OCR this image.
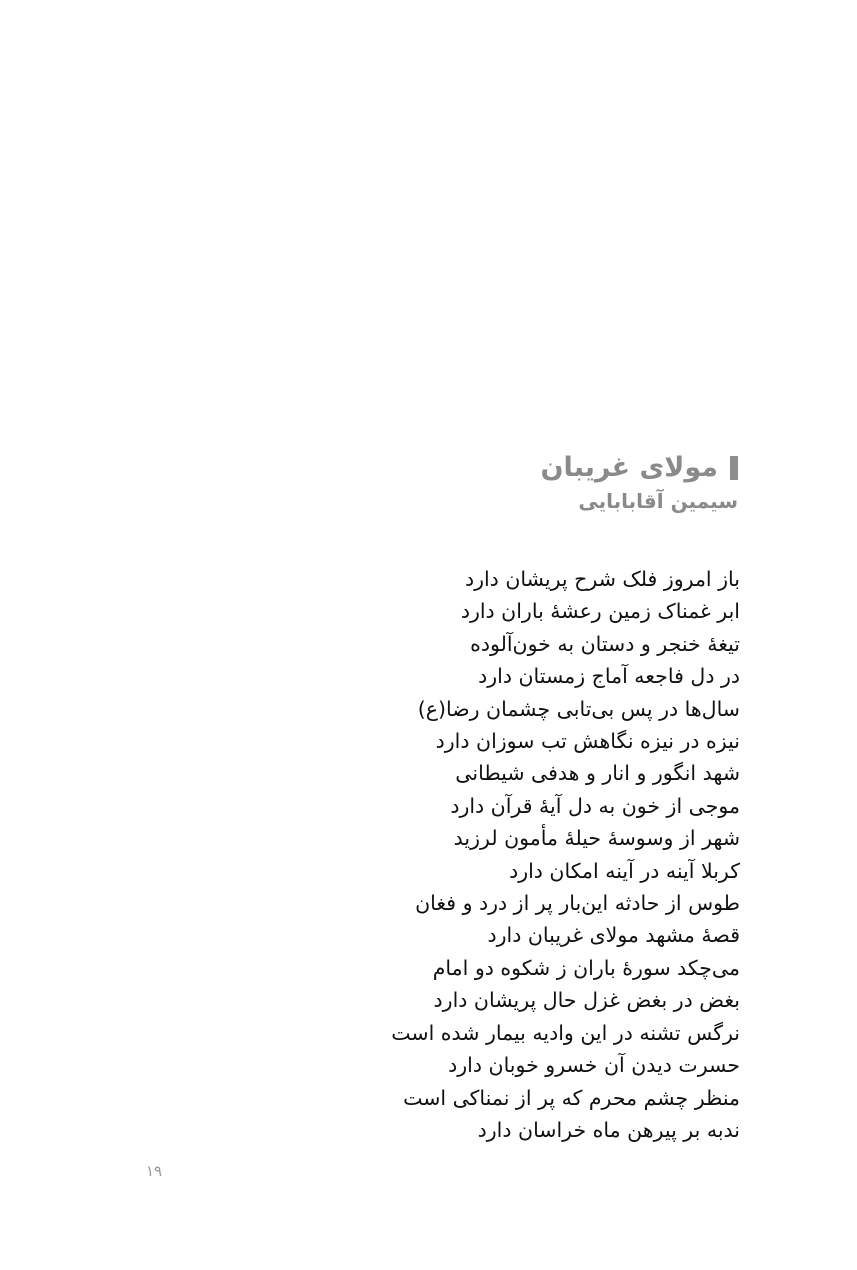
مولای غریبان
سیمین آقابابایی
باز امروز فلک شرح پریشان دارد
ابر غمناک زمین رعشهٔ باران دارد
تیغهٔ خنجر و دستان به خون‌آلوده
در دل فاجعه آماج زمستان دارد
سال‌ها در پس بی‌تابی چشمان رضا(ع)
نیزه در نیزه نگاهش تب سوزان دارد
شهد انگور و انار و هدفی شیطانی
موجی از خون به دل آیهٔ قرآن دارد
شهر از وسوسهٔ حیلهٔ مأمون لرزید
کربلا آینه در آینه امکان دارد
طوس از حادثه این‌بار پر از درد و فغان
قصهٔ مشهد مولای غریبان دارد
می‌چکد سورهٔ باران ز شکوه دو امام
بغض در بغض غزل حال پریشان دارد
نرگس تشنه در این وادیه بیمار شده است
حسرت دیدن آن خسرو خوبان دارد
منظر چشم محرم که پر از نمناکی است
ندبه بر پیرهن ماه خراسان دارد
۱۹
